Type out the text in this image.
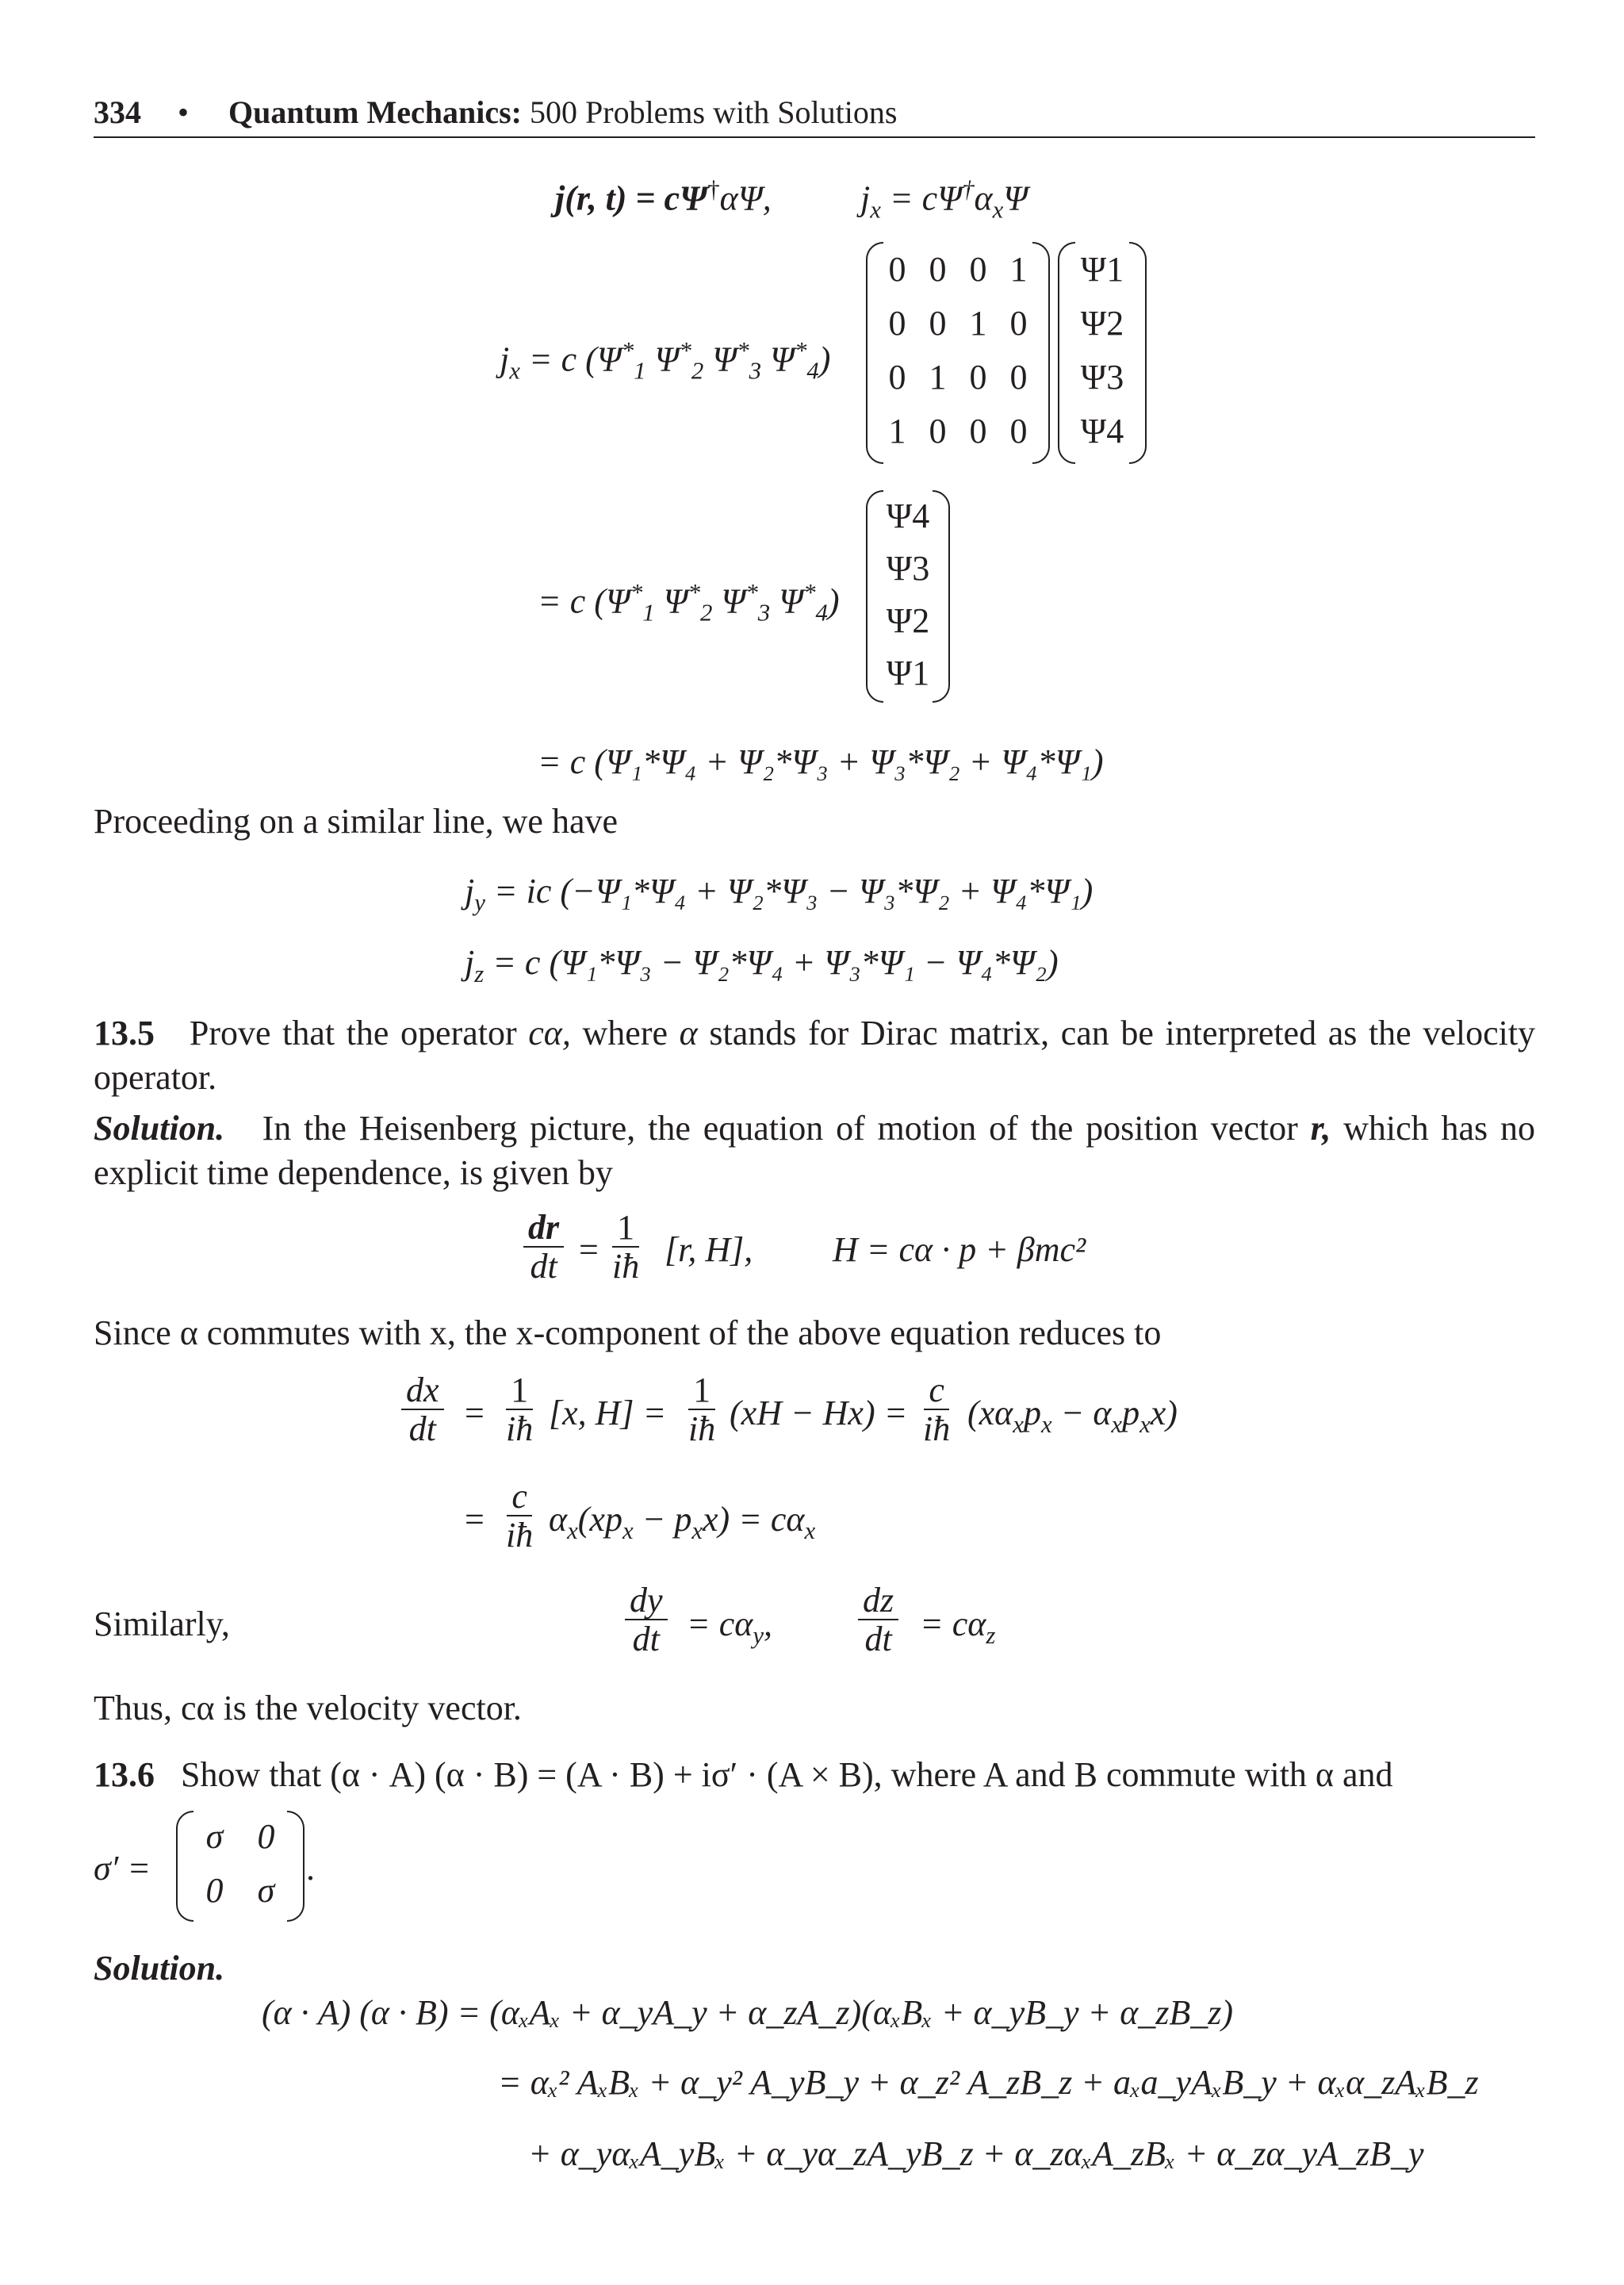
334 • Quantum Mechanics: 500 Problems with Solutions
j(r, t) = cΨ†αΨ,	$j_x = c\Psi^\dagger\alpha_x\Psi$
$j_x = c$ ($\Psi^*_1$ $\Psi^*_2$ $\Psi^*_3$ $\Psi^*_4$)
0 0 0 1
0 0 1 0
0 1 0 0
1 0 0 0
Ψ1
Ψ2
Ψ3
Ψ4
= c ($\Psi^*_1$ $\Psi^*_2$ $\Psi^*_3$ $\Psi^*_4$)
Ψ4
Ψ3
Ψ2
Ψ1
= c (Ψ₁*Ψ₄ + Ψ₂*Ψ₃ + Ψ₃*Ψ₂ + Ψ₄*Ψ₁)
Proceeding on a similar line, we have
$j_y$ = ic (−Ψ₁*Ψ₄ + Ψ₂*Ψ₃ − Ψ₃*Ψ₂ + Ψ₄*Ψ₁)
$j_z = c$ (Ψ₁*Ψ₃ − Ψ₂*Ψ₄ + Ψ₃*Ψ₁ − Ψ₄*Ψ₂)
13.5 Prove that the operator cα, where α stands for Dirac matrix, can be interpreted as the velocity operator.
Solution. In the Heisenberg picture, the equation of motion of the position vector r, which has no explicit time dependence, is given by
$\frac{dr}{dt} = \frac{1}{iħ} [r$, H], H = cα · p + βmc²
Since α commutes with x, the x-component of the above equation reduces to
$\frac{dx}{dt} = \frac{1}{iħ} [x$, $H] = \frac{1}{iħ} (xH - Hx) = \frac{c}{iħ} (x\alpha_xp_x - \alpha_xp_xx)$
= $\frac{c}{iħ} \alpha_x(xp_x - p_xx) = c\alpha_x$
Similarly,	$\frac{dy}{dt} = c\alpha_y$, $\frac{dz}{dt} = c\alpha_z$
Thus, cα is the velocity vector.
13.6 Show that (α · A) (α · B) = (A · B) + iσ′ · (A × B), where A and B commute with α and
σ′ =
σ 0
0 σ
.
Solution.
(α · A) (α · B) = (αₓAₓ + α_yA_y + α_zA_z)(αₓBₓ + α_yB_y + α_zB_z)
= αₓ² AₓBₓ + α_y² A_yB_y + α_z² A_zB_z + aₓa_yAₓB_y + αₓα_zAₓB_z
+ α_yαₓA_yBₓ + α_yα_zA_yB_z + α_zαₓA_zBₓ + α_zα_yA_zB_y
